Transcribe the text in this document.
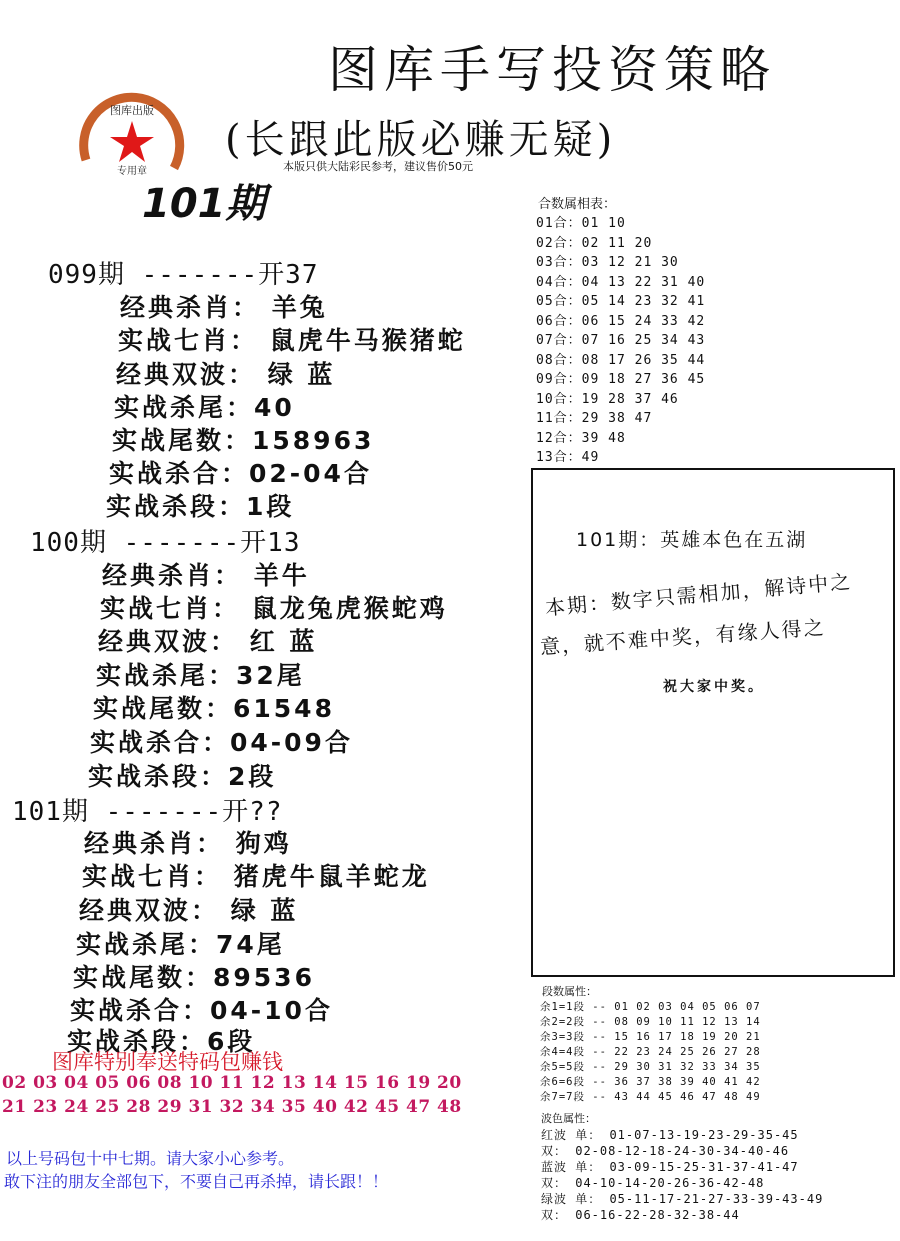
图库手写投资策略
(长跟此版必赚无疑)
本版只供大陆彩民参考，建议售价50元
图库出版
专用章
101期
099期 -------开37
经典杀肖： 羊兔
实战七肖： 鼠虎牛马猴猪蛇
经典双波： 绿 蓝
实战杀尾：40
实战尾数：158963
实战杀合：02-04合
实战杀段：1段
100期 -------开13
经典杀肖： 羊牛
实战七肖： 鼠龙兔虎猴蛇鸡
经典双波： 红 蓝
实战杀尾：32尾
实战尾数：61548
实战杀合：04-09合
实战杀段：2段
101期 -------开??
经典杀肖： 狗鸡
实战七肖： 猪虎牛鼠羊蛇龙
经典双波： 绿 蓝
实战杀尾：74尾
实战尾数：89536
实战杀合：04-10合
实战杀段：6段
合数属相表：
01合：01 10
02合：02 11 20
03合：03 12 21 30
04合：04 13 22 31 40
05合：05 14 23 32 41
06合：06 15 24 33 42
07合：07 16 25 34 43
08合：08 17 26 35 44
09合：09 18 27 36 45
10合：19 28 37 46
11合：29 38 47
12合：39 48
13合：49
101期：英雄本色在五湖
本期：数字只需相加，解诗中之
意，就不难中奖，有缘人得之
祝大家中奖。
图库特别奉送特码包赚钱
02 03 04 05 06 08 10 11 12 13 14 15 16 19 20
21 23 24 25 28 29 31 32 34 35 40 42 45 47 48
以上号码包十中七期。请大家小心参考。
敢下注的朋友全部包下，不要自己再杀掉，请长跟！！
段数属性：
余1=1段 -- 01 02 03 04 05 06 07
余2=2段 -- 08 09 10 11 12 13 14
余3=3段 -- 15 16 17 18 19 20 21
余4=4段 -- 22 23 24 25 26 27 28
余5=5段 -- 29 30 31 32 33 34 35
余6=6段 -- 36 37 38 39 40 41 42
余7=7段 -- 43 44 45 46 47 48 49
波色属性：
红波 单： 01-07-13-19-23-29-35-45
双： 02-08-12-18-24-30-34-40-46
蓝波 单： 03-09-15-25-31-37-41-47
双： 04-10-14-20-26-36-42-48
绿波 单： 05-11-17-21-27-33-39-43-49
双： 06-16-22-28-32-38-44
